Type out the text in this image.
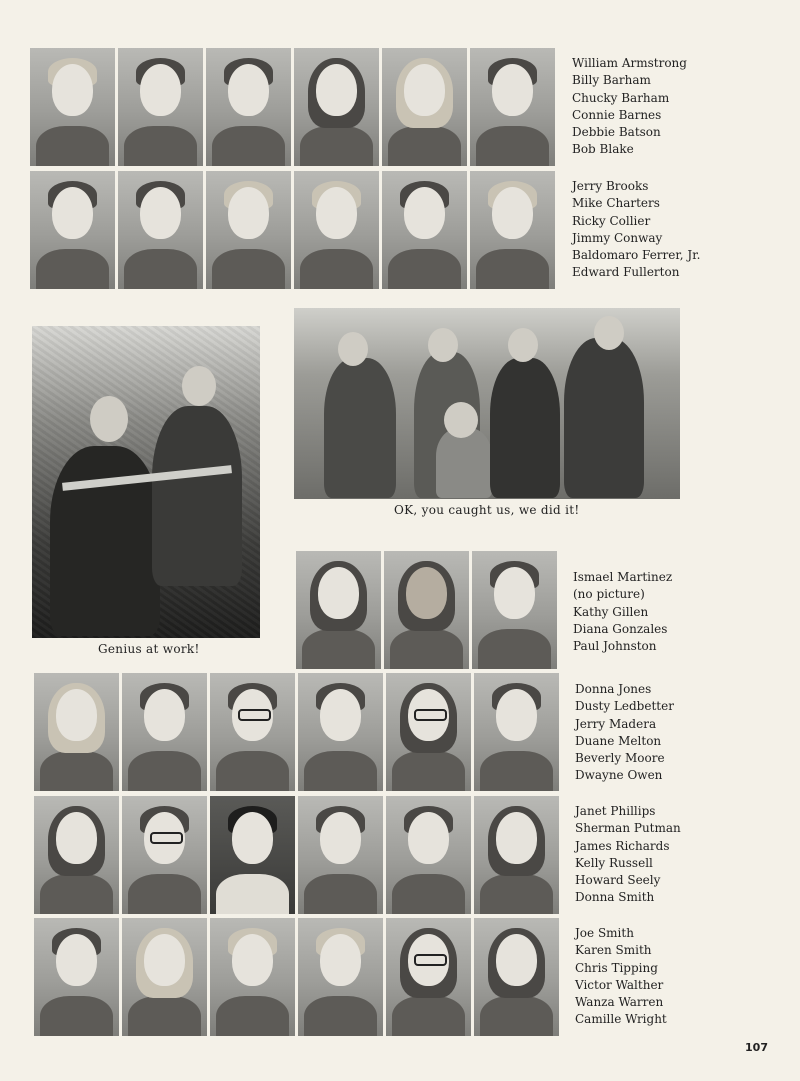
William Armstrong
Billy Barham
Chucky Barham
Connie Barnes
Debbie Batson
Bob Blake
Jerry Brooks
Mike Charters
Ricky Collier
Jimmy Conway
Baldomaro Ferrer, Jr.
Edward Fullerton

Genius at work!

OK, you caught us, we did it!

Ismael Martinez
(no picture)
Kathy Gillen
Diana Gonzales
Paul Johnston
Donna Jones
Dusty Ledbetter
Jerry Madera
Duane Melton
Beverly Moore
Dwayne Owen
Janet Phillips
Sherman Putman
James Richards
Kelly Russell
Howard Seely
Donna Smith
Joe Smith
Karen Smith
Chris Tipping
Victor Walther
Wanza Warren
Camille Wright
107
